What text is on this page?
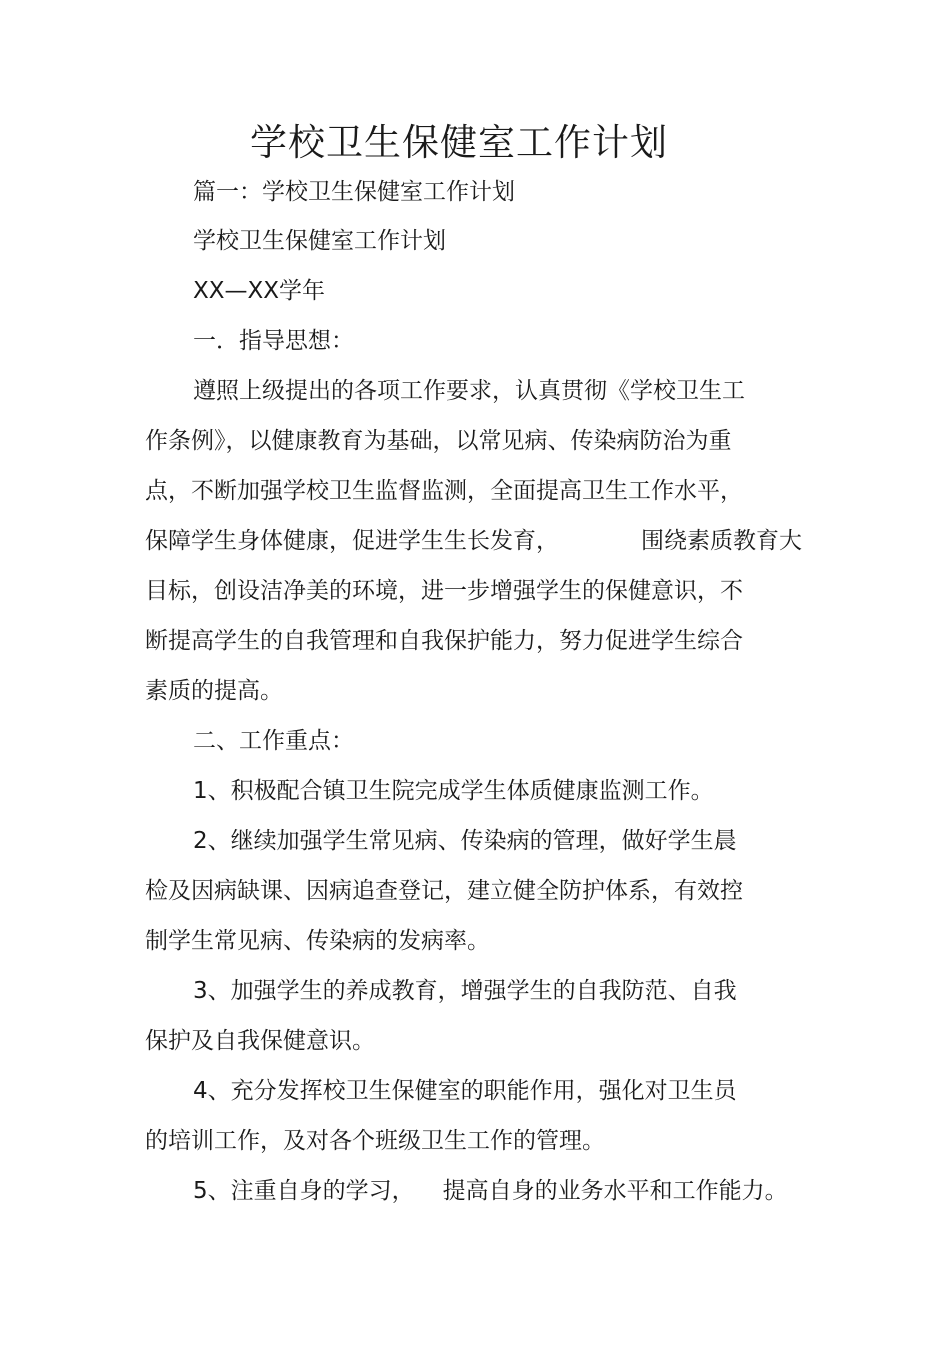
学校卫生保健室工作计划
篇一：学校卫生保健室工作计划
学校卫生保健室工作计划
XX—XX学年
一．指导思想：
遵照上级提出的各项工作要求，认真贯彻《学校卫生工
作条例》，以健康教育为基础，以常见病、传染病防治为重
点，不断加强学校卫生监督监测，全面提高卫生工作水平，
保障学生身体健康，促进学生生长发育，	围绕素质教育大
目标，创设洁净美的环境，进一步增强学生的保健意识，不
断提高学生的自我管理和自我保护能力，努力促进学生综合
素质的提高。
二、工作重点：
1、积极配合镇卫生院完成学生体质健康监测工作。
2、继续加强学生常见病、传染病的管理，做好学生晨
检及因病缺课、因病追查登记，建立健全防护体系，有效控
制学生常见病、传染病的发病率。
3、加强学生的养成教育，增强学生的自我防范、自我
保护及自我保健意识。
4、充分发挥校卫生保健室的职能作用，强化对卫生员
的培训工作，及对各个班级卫生工作的管理。
5、注重自身的学习， 提高自身的业务水平和工作能力。
